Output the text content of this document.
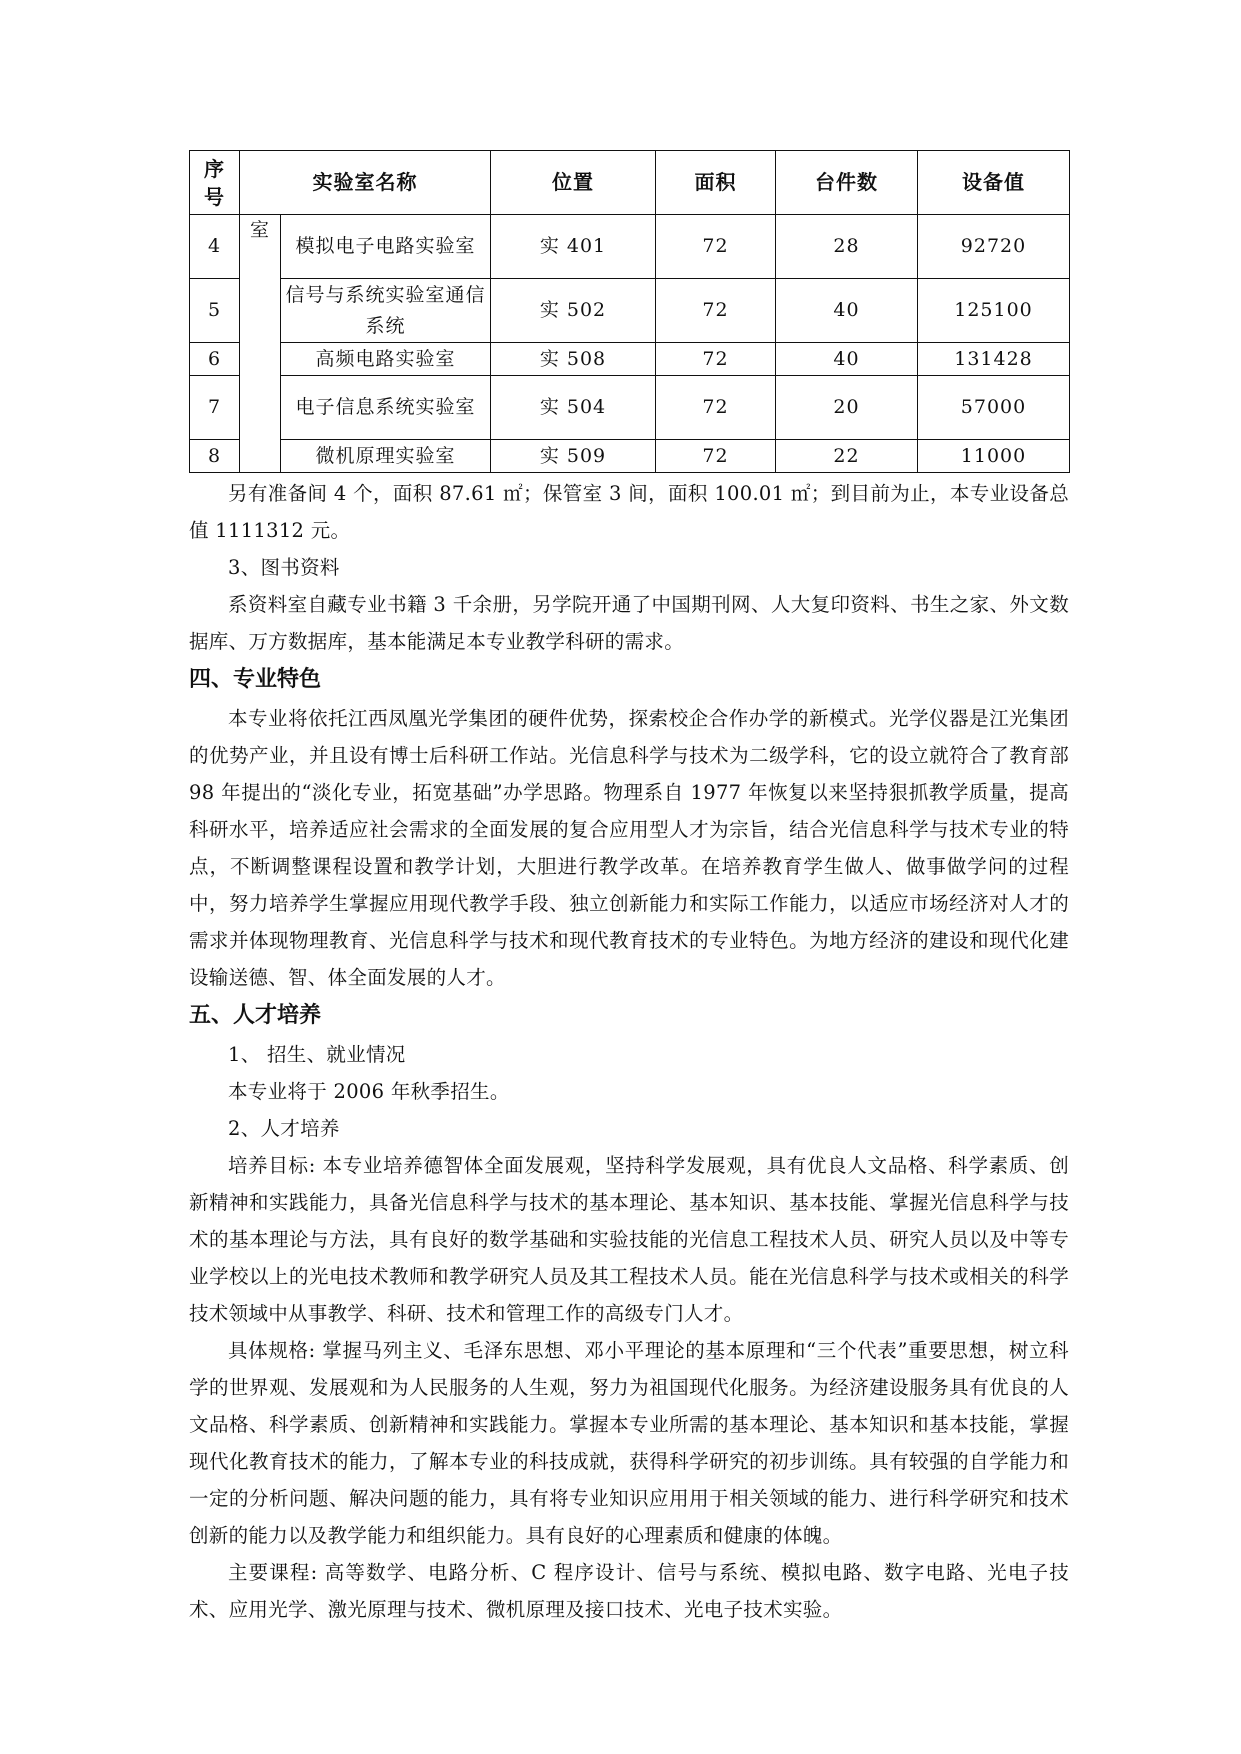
序号	实验室名称		位置	面积	台件数	设备值
4	室	模拟电子电路实验室	实 401	72	28	92720
5		信号与系统实验室通信系统	实 502	72	40	125100
6		高频电路实验室	实 508	72	40	131428
7		电子信息系统实验室	实 504	72	20	57000
8		微机原理实验室	实 509	72	22	11000

另有准备间 4 个，面积 87.61 ㎡；保管室 3 间，面积 100.01 ㎡；到目前为止，本专业设备总值 1111312 元。

3、图书资料

系资料室自藏专业书籍 3 千余册，另学院开通了中国期刊网、人大复印资料、书生之家、外文数据库、万方数据库，基本能满足本专业教学科研的需求。

四、专业特色

本专业将依托江西凤凰光学集团的硬件优势，探索校企合作办学的新模式。光学仪器是江光集团的优势产业，并且设有博士后科研工作站。光信息科学与技术为二级学科，它的设立就符合了教育部 98 年提出的“淡化专业，拓宽基础”办学思路。物理系自 1977 年恢复以来坚持狠抓教学质量，提高科研水平，培养适应社会需求的全面发展的复合应用型人才为宗旨，结合光信息科学与技术专业的特点，不断调整课程设置和教学计划，大胆进行教学改革。在培养教育学生做人、做事做学问的过程中，努力培养学生掌握应用现代教学手段、独立创新能力和实际工作能力，以适应市场经济对人才的需求并体现物理教育、光信息科学与技术和现代教育技术的专业特色。为地方经济的建设和现代化建设输送德、智、体全面发展的人才。

五、人才培养

1、 招生、就业情况

本专业将于 2006 年秋季招生。

2、人才培养

培养目标: 本专业培养德智体全面发展观，坚持科学发展观，具有优良人文品格、科学素质、创新精神和实践能力，具备光信息科学与技术的基本理论、基本知识、基本技能、掌握光信息科学与技术的基本理论与方法，具有良好的数学基础和实验技能的光信息工程技术人员、研究人员以及中等专业学校以上的光电技术教师和教学研究人员及其工程技术人员。能在光信息科学与技术或相关的科学技术领域中从事教学、科研、技术和管理工作的高级专门人才。

具体规格: 掌握马列主义、毛泽东思想、邓小平理论的基本原理和“三个代表”重要思想，树立科学的世界观、发展观和为人民服务的人生观，努力为祖国现代化服务。为经济建设服务具有优良的人文品格、科学素质、创新精神和实践能力。掌握本专业所需的基本理论、基本知识和基本技能，掌握现代化教育技术的能力，了解本专业的科技成就，获得科学研究的初步训练。具有较强的自学能力和一定的分析问题、解决问题的能力，具有将专业知识应用用于相关领域的能力、进行科学研究和技术创新的能力以及教学能力和组织能力。具有良好的心理素质和健康的体魄。

主要课程: 高等数学、电路分析、C 程序设计、信号与系统、模拟电路、数字电路、光电子技术、应用光学、激光原理与技术、微机原理及接口技术、光电子技术实验。
